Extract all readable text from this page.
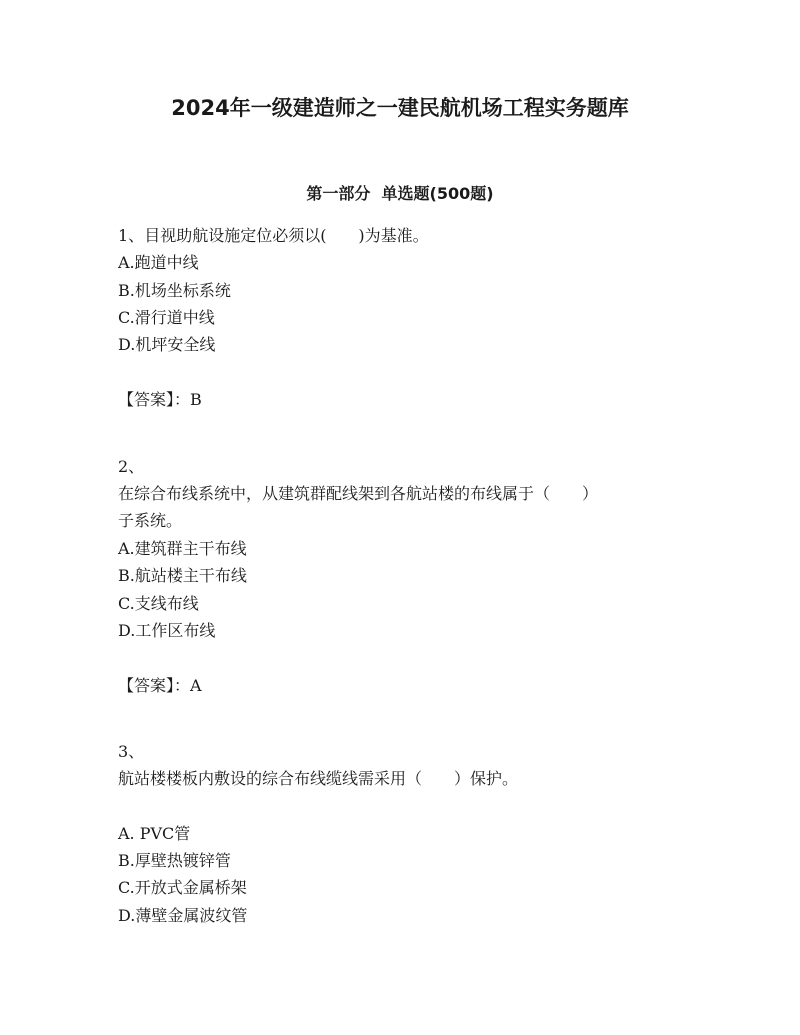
2024年一级建造师之一建民航机场工程实务题库
第一部分  单选题(500题)

1、目视助航设施定位必须以(　　)为基准。

A.跑道中线

B.机场坐标系统

C.滑行道中线

D.机坪安全线

【答案】：B

2、

在综合布线系统中，从建筑群配线架到各航站楼的布线属于（　　）

子系统。

A.建筑群主干布线

B.航站楼主干布线

C.支线布线

D.工作区布线

【答案】：A

3、

航站楼楼板内敷设的综合布线缆线需采用（　　）保护。

A. PVC管

B.厚壁热镀锌管

C.开放式金属桥架

D.薄壁金属波纹管
